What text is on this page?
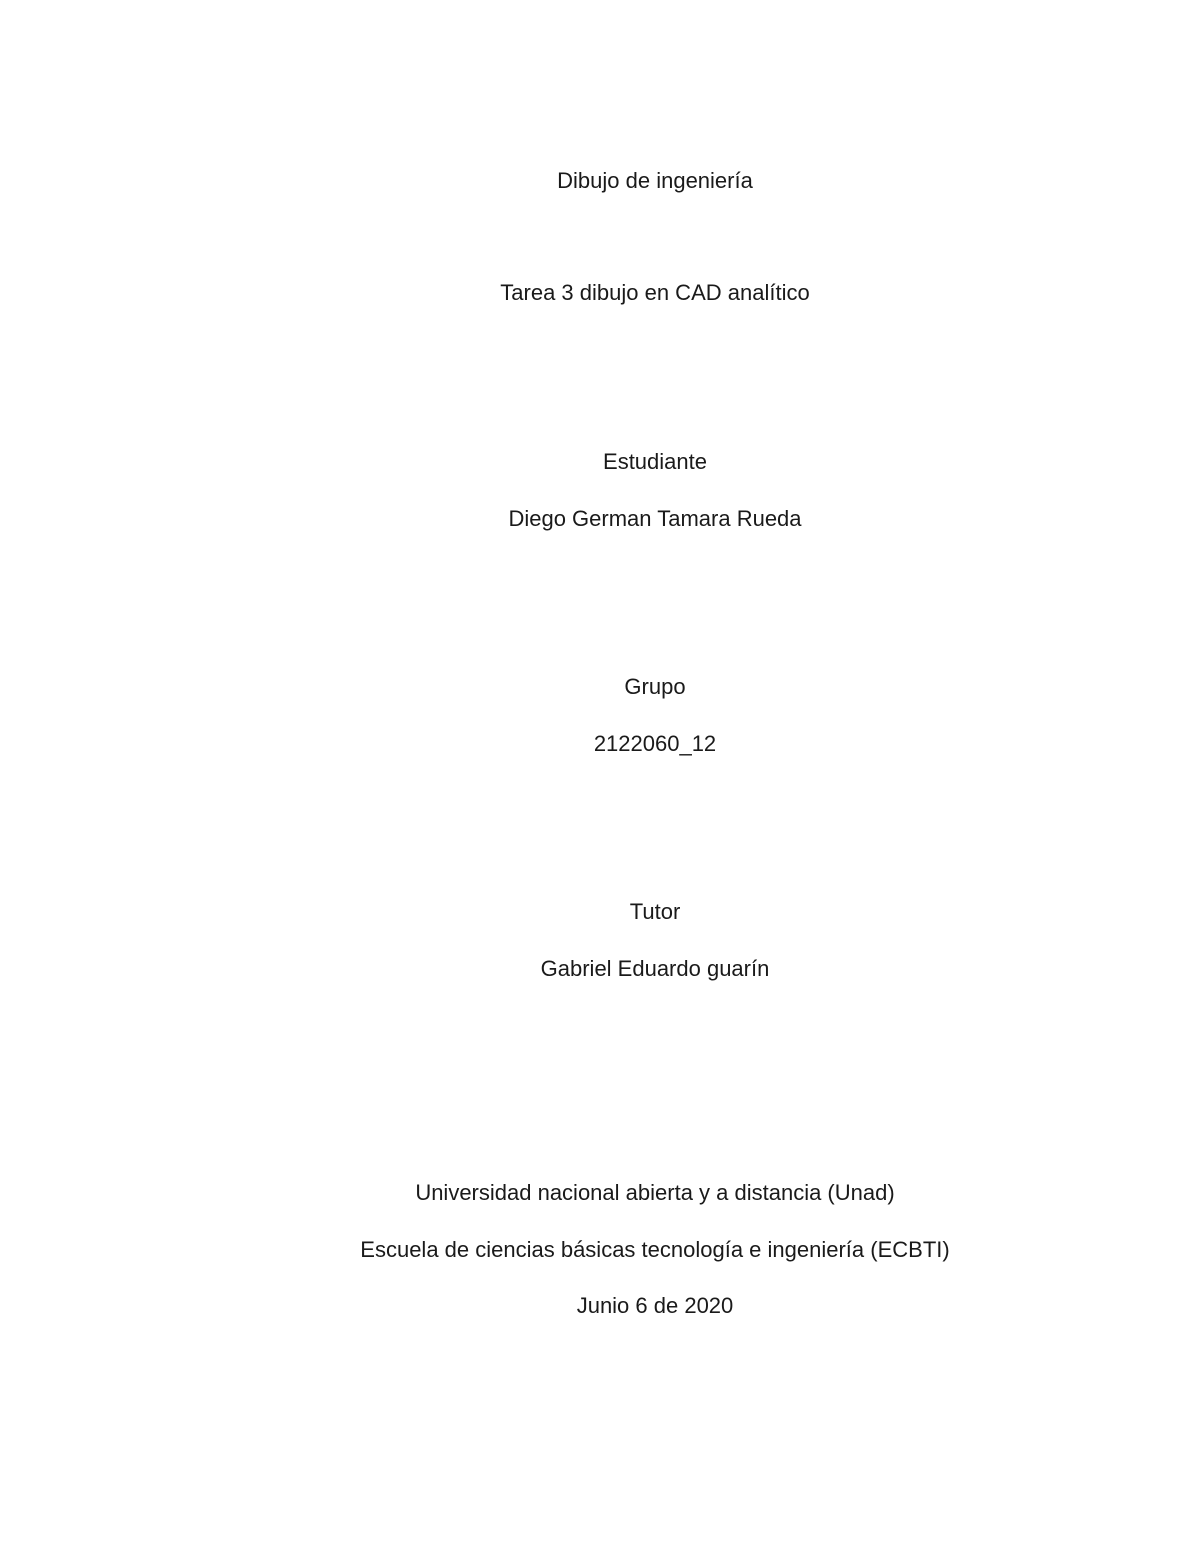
Dibujo de ingeniería
Tarea 3 dibujo en CAD analítico
Estudiante
Diego German Tamara Rueda
Grupo
2122060_12
Tutor
Gabriel Eduardo guarín
Universidad nacional abierta y a distancia (Unad)
Escuela de ciencias básicas tecnología e ingeniería (ECBTI)
Junio 6 de 2020
